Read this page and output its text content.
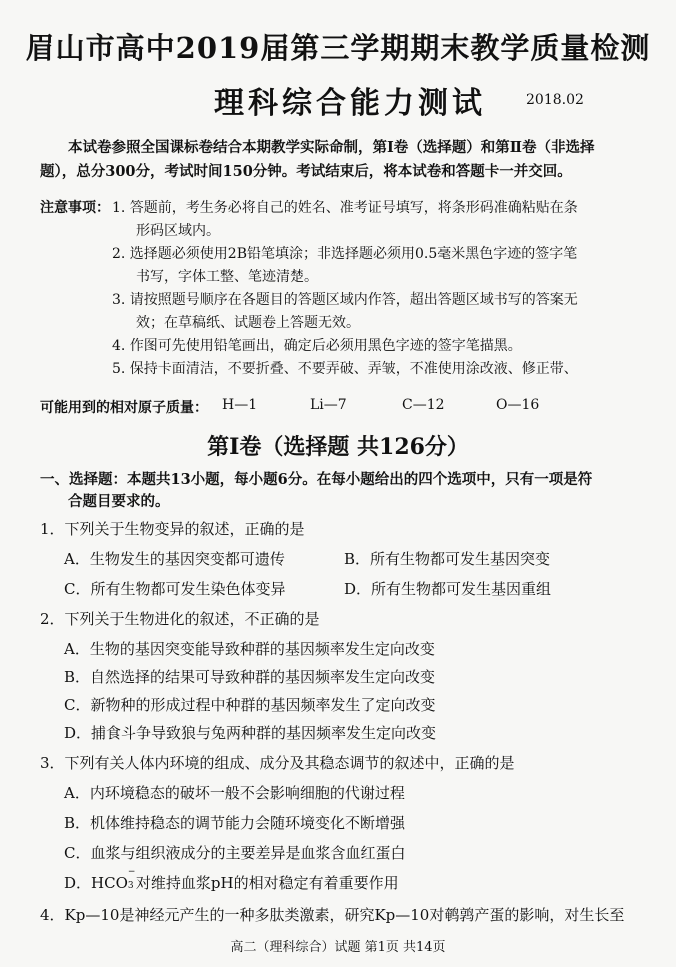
眉山市高中2019届第三学期期末教学质量检测
理科综合能力测试	2018.02
本试卷参照全国课标卷结合本期教学实际命制，第Ⅰ卷（选择题）和第Ⅱ卷（非选择
题），总分300分，考试时间150分钟。考试结束后，将本试卷和答题卡一并交回。
注意事项： 1. 答题前，考生务必将自己的姓名、准考证号填写，将条形码准确粘贴在条
形码区域内。
2. 选择题必须使用2B铅笔填涂；非选择题必须用0.5毫米黑色字迹的签字笔
书写，字体工整、笔迹清楚。
3. 请按照题号顺序在各题目的答题区域内作答，超出答题区域书写的答案无
效；在草稿纸、试题卷上答题无效。
4. 作图可先使用铅笔画出，确定后必须用黑色字迹的签字笔描黑。
5. 保持卡面清洁，不要折叠、不要弄破、弄皱，不准使用涂改液、修正带、
可能用到的相对原子质量： H—1	Li—7	C—12	O—16
第Ⅰ卷（选择题 共126分）
一、选择题：本题共13小题，每小题6分。在每小题给出的四个选项中，只有一项是符
合题目要求的。
1．下列关于生物变异的叙述，正确的是
A．生物发生的基因突变都可遗传	B．所有生物都可发生基因突变
C．所有生物都可发生染色体变异	D．所有生物都可发生基因重组
2．下列关于生物进化的叙述，不正确的是
A．生物的基因突变能导致种群的基因频率发生定向改变
B．自然选择的结果可导致种群的基因频率发生定向改变
C．新物种的形成过程中种群的基因频率发生了定向改变
D．捕食斗争导致狼与兔两种群的基因频率发生定向改变
3．下列有关人体内环境的组成、成分及其稳态调节的叙述中，正确的是
A．内环境稳态的破坏一般不会影响细胞的代谢过程
B．机体维持稳态的调节能力会随环境变化不断增强
C．血浆与组织液成分的主要差异是血浆含血红蛋白
D．HCO
−
3 对维持血浆pH的相对稳定有着重要作用
4．Kp—10是神经元产生的一种多肽类激素，研究Kp—10对鹌鹑产蛋的影响，对生长至
高二（理科综合）试题 第1页 共14页
